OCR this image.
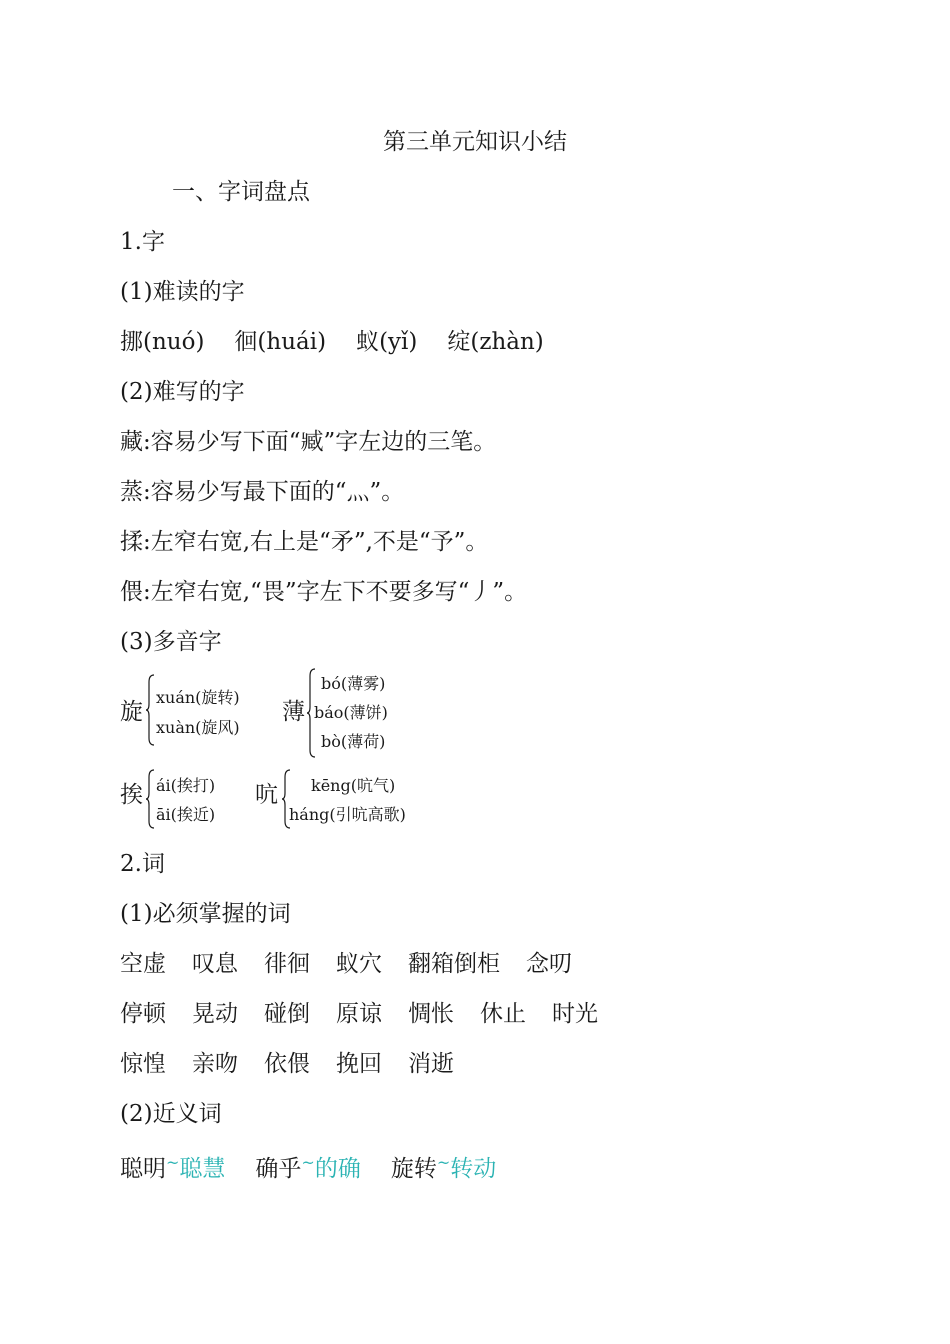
第三单元知识小结
一、字词盘点
1.字
(1)难读的字
挪(nuó) 徊(huái) 蚁(yǐ) 绽(zhàn)
(2)难写的字
藏:容易少写下面“臧”字左边的三笔。
蒸:容易少写最下面的“灬”。
揉:左窄右宽,右上是“矛”,不是“予”。
偎:左窄右宽,“畏”字左下不要多写“丿”。
(3)多音字
旋
xuán(旋转)
xuàn(旋风)
薄
bó(薄雾)
báo(薄饼)
bò(薄荷)
挨 ái(挨打)
āi(挨近)
吭 kēng(吭气)
háng(引吭高歌)
2.词
(1)必须掌握的词
空虚 叹息 徘徊 蚁穴 翻箱倒柜 念叨
停顿 晃动 碰倒 原谅 惆怅 休止 时光
惊惶 亲吻 依偎 挽回 消逝
(2)近义词
聪明~聪慧 确乎~的确 旋转~转动
